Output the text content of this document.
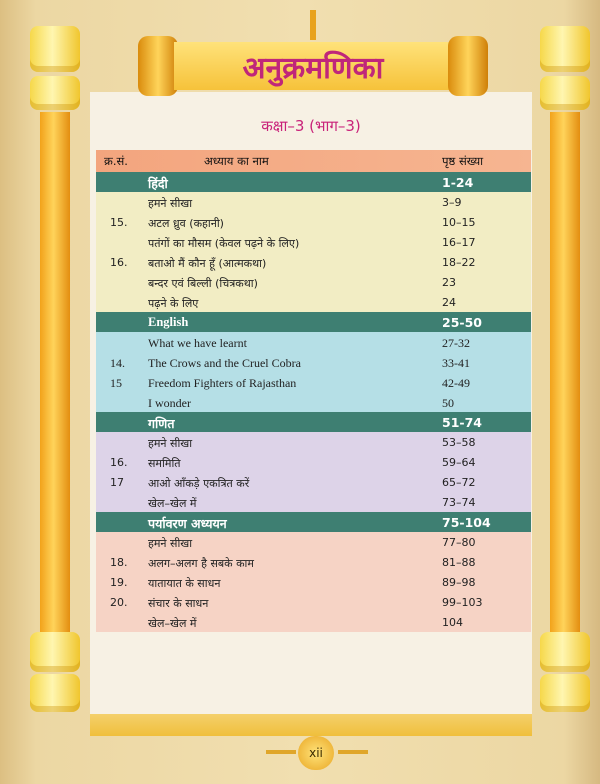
अनुक्रमणिका
कक्षा–3 (भाग–3)
क्र.सं.	अध्याय का नाम	पृष्ठ संख्या
हिंदी	1-24
हमने सीखा	3–9
15. अटल ध्रुव (कहानी)	10–15
पतंगों का मौसम (केवल पढ़ने के लिए)	16–17
16. बताओ मैं कौन हूँ (आत्मकथा)	18–22
बन्दर एवं बिल्ली (चित्रकथा)	23
पढ़ने के लिए	24
English	25-50
What we have learnt	27-32
14. The Crows and the Cruel Cobra	33-41
15 Freedom Fighters of Rajasthan	42-49
I wonder	50
गणित	51-74
हमने सीखा	53–58
16. सममिति	59–64
17 आओ आँकड़े एकत्रित करें	65–72
खेल–खेल में	73–74
पर्यावरण अध्ययन	75-104
हमने सीखा	77–80
18. अलग–अलग है सबके काम	81–88
19. यातायात के साधन	89–98
20. संचार के साधन	99–103
खेल–खेल में	104
xii
